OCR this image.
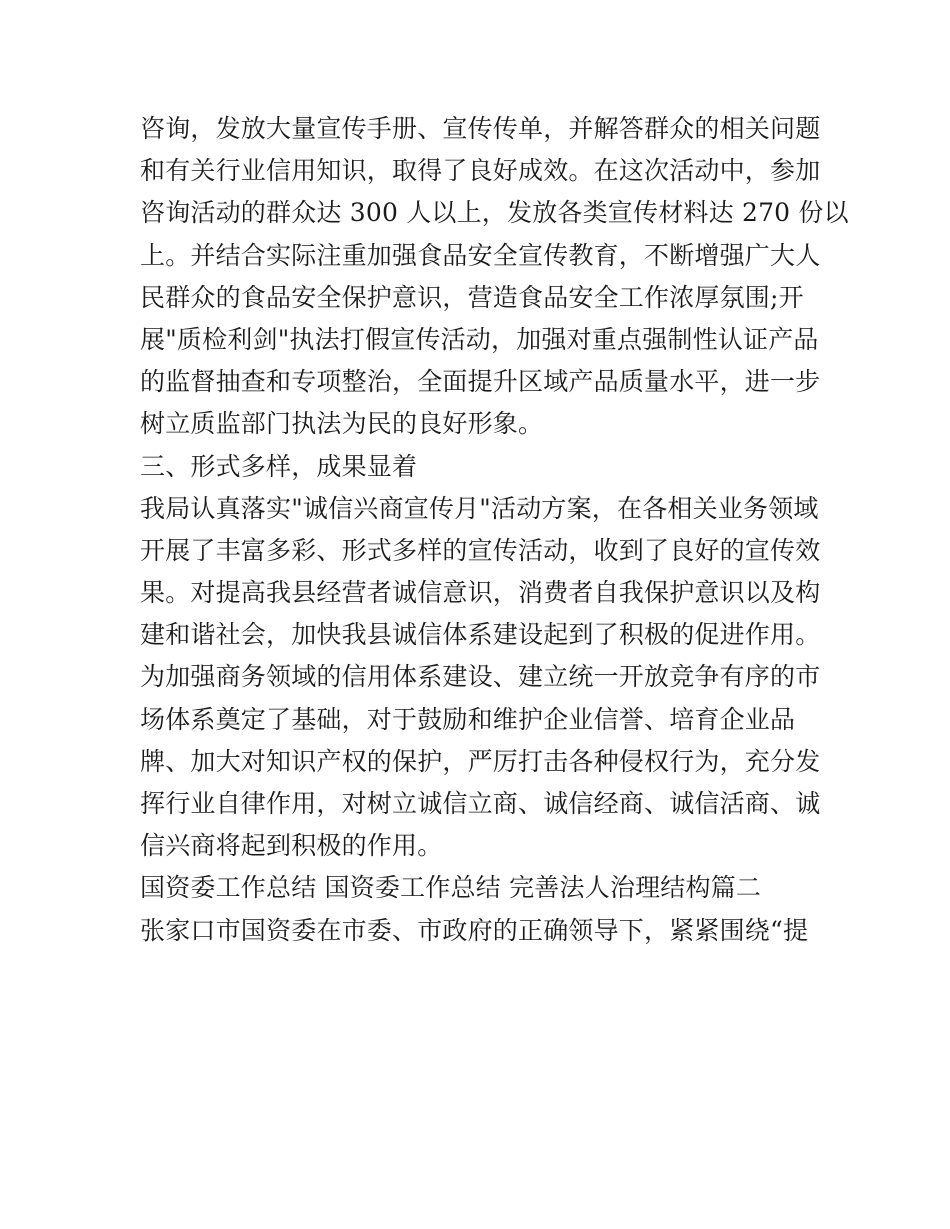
咨询，发放大量宣传手册、宣传传单，并解答群众的相关问题
和有关行业信用知识，取得了良好成效。在这次活动中，参加
咨询活动的群众达 300 人以上，发放各类宣传材料达 270 份以
上。并结合实际注重加强食品安全宣传教育，不断增强广大人
民群众的食品安全保护意识，营造食品安全工作浓厚氛围;开
展"质检利剑"执法打假宣传活动，加强对重点强制性认证产品
的监督抽查和专项整治，全面提升区域产品质量水平，进一步
树立质监部门执法为民的良好形象。
三、形式多样，成果显着
我局认真落实"诚信兴商宣传月"活动方案，在各相关业务领域
开展了丰富多彩、形式多样的宣传活动，收到了良好的宣传效
果。对提高我县经营者诚信意识，消费者自我保护意识以及构
建和谐社会，加快我县诚信体系建设起到了积极的促进作用。
为加强商务领域的信用体系建设、建立统一开放竞争有序的市
场体系奠定了基础，对于鼓励和维护企业信誉、培育企业品
牌、加大对知识产权的保护，严厉打击各种侵权行为，充分发
挥行业自律作用，对树立诚信立商、诚信经商、诚信活商、诚
信兴商将起到积极的作用。
国资委工作总结 国资委工作总结 完善法人治理结构篇二
张家口市国资委在市委、市政府的正确领导下，紧紧围绕“提
